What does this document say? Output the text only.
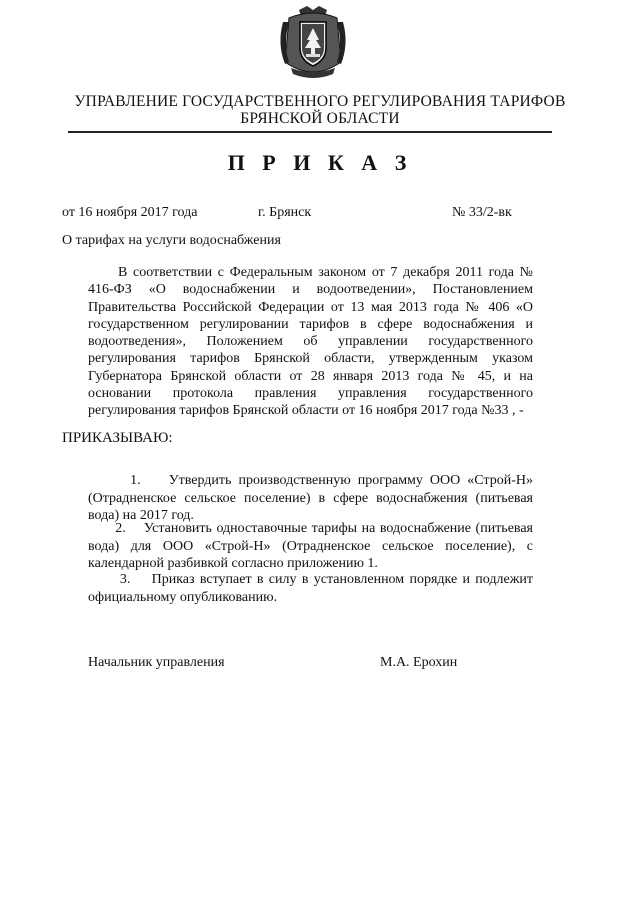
УПРАВЛЕНИЕ ГОСУДАРСТВЕННОГО РЕГУЛИРОВАНИЯ ТАРИФОВ
БРЯНСКОЙ ОБЛАСТИ
П Р И К А З
от 16 ноября 2017 года	г. Брянск	№ 33/2-вк
О тарифах на услуги водоснабжения
В соответствии с Федеральным законом от 7 декабря 2011 года №
416-ФЗ «О водоснабжении и водоотведении», Постановлением
Правительства Российской Федерации от 13 мая 2013 года № 406 «О
государственном регулировании тарифов в сфере водоснабжения и
водоотведения», Положением об управлении государственного
регулирования тарифов Брянской области, утвержденным указом
Губернатора Брянской области от 28 января 2013 года № 45, и на
основании протокола правления управления государственного
регулирования тарифов Брянской области от 16 ноября 2017 года №33 , -
ПРИКАЗЫВАЮ:
1.    Утвердить производственную программу ООО «Строй-Н»
(Отрадненское сельское поселение) в сфере водоснабжения (питьевая
вода) на 2017 год.
2.    Установить одноставочные тарифы на водоснабжение (питьевая
вода) для ООО «Строй-Н» (Отрадненское сельское поселение), с
календарной разбивкой согласно приложению 1.
3.    Приказ вступает в силу в установленном порядке и подлежит
официальному опубликованию.
Начальник управления	М.А. Ерохин
